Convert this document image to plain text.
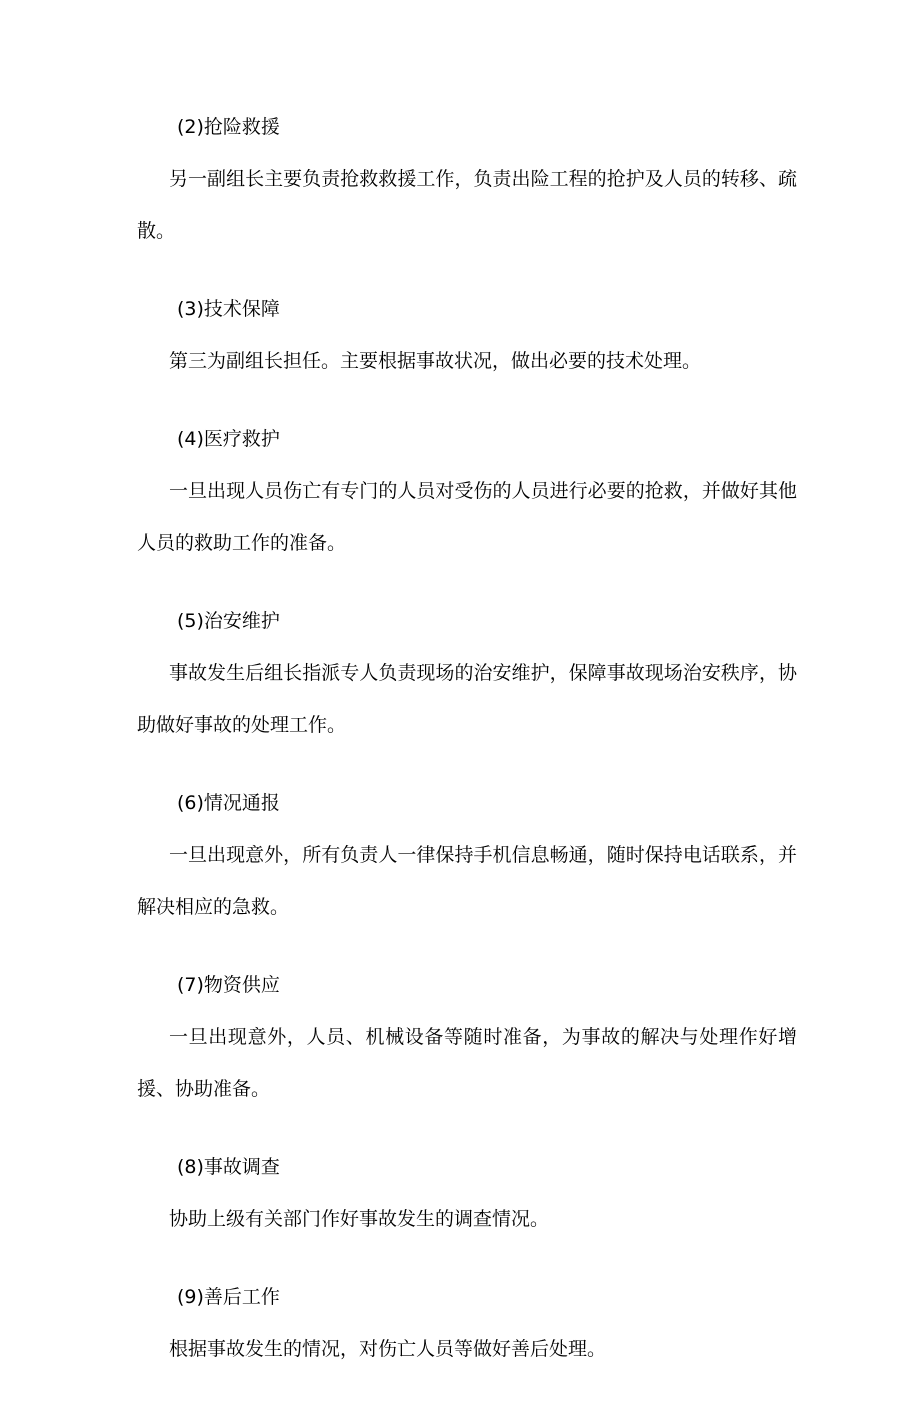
(2)抢险救援

另一副组长主要负责抢救救援工作，负责出险工程的抢护及人员的转移、疏散。

(3)技术保障

第三为副组长担任。主要根据事故状况，做出必要的技术处理。

(4)医疗救护

一旦出现人员伤亡有专门的人员对受伤的人员进行必要的抢救，并做好其他人员的救助工作的准备。

(5)治安维护

事故发生后组长指派专人负责现场的治安维护，保障事故现场治安秩序，协助做好事故的处理工作。

(6)情况通报

一旦出现意外，所有负责人一律保持手机信息畅通，随时保持电话联系，并解决相应的急救。

(7)物资供应

一旦出现意外，人员、机械设备等随时准备，为事故的解决与处理作好增援、协助准备。

(8)事故调查

协助上级有关部门作好事故发生的调查情况。

(9)善后工作

根据事故发生的情况，对伤亡人员等做好善后处理。
